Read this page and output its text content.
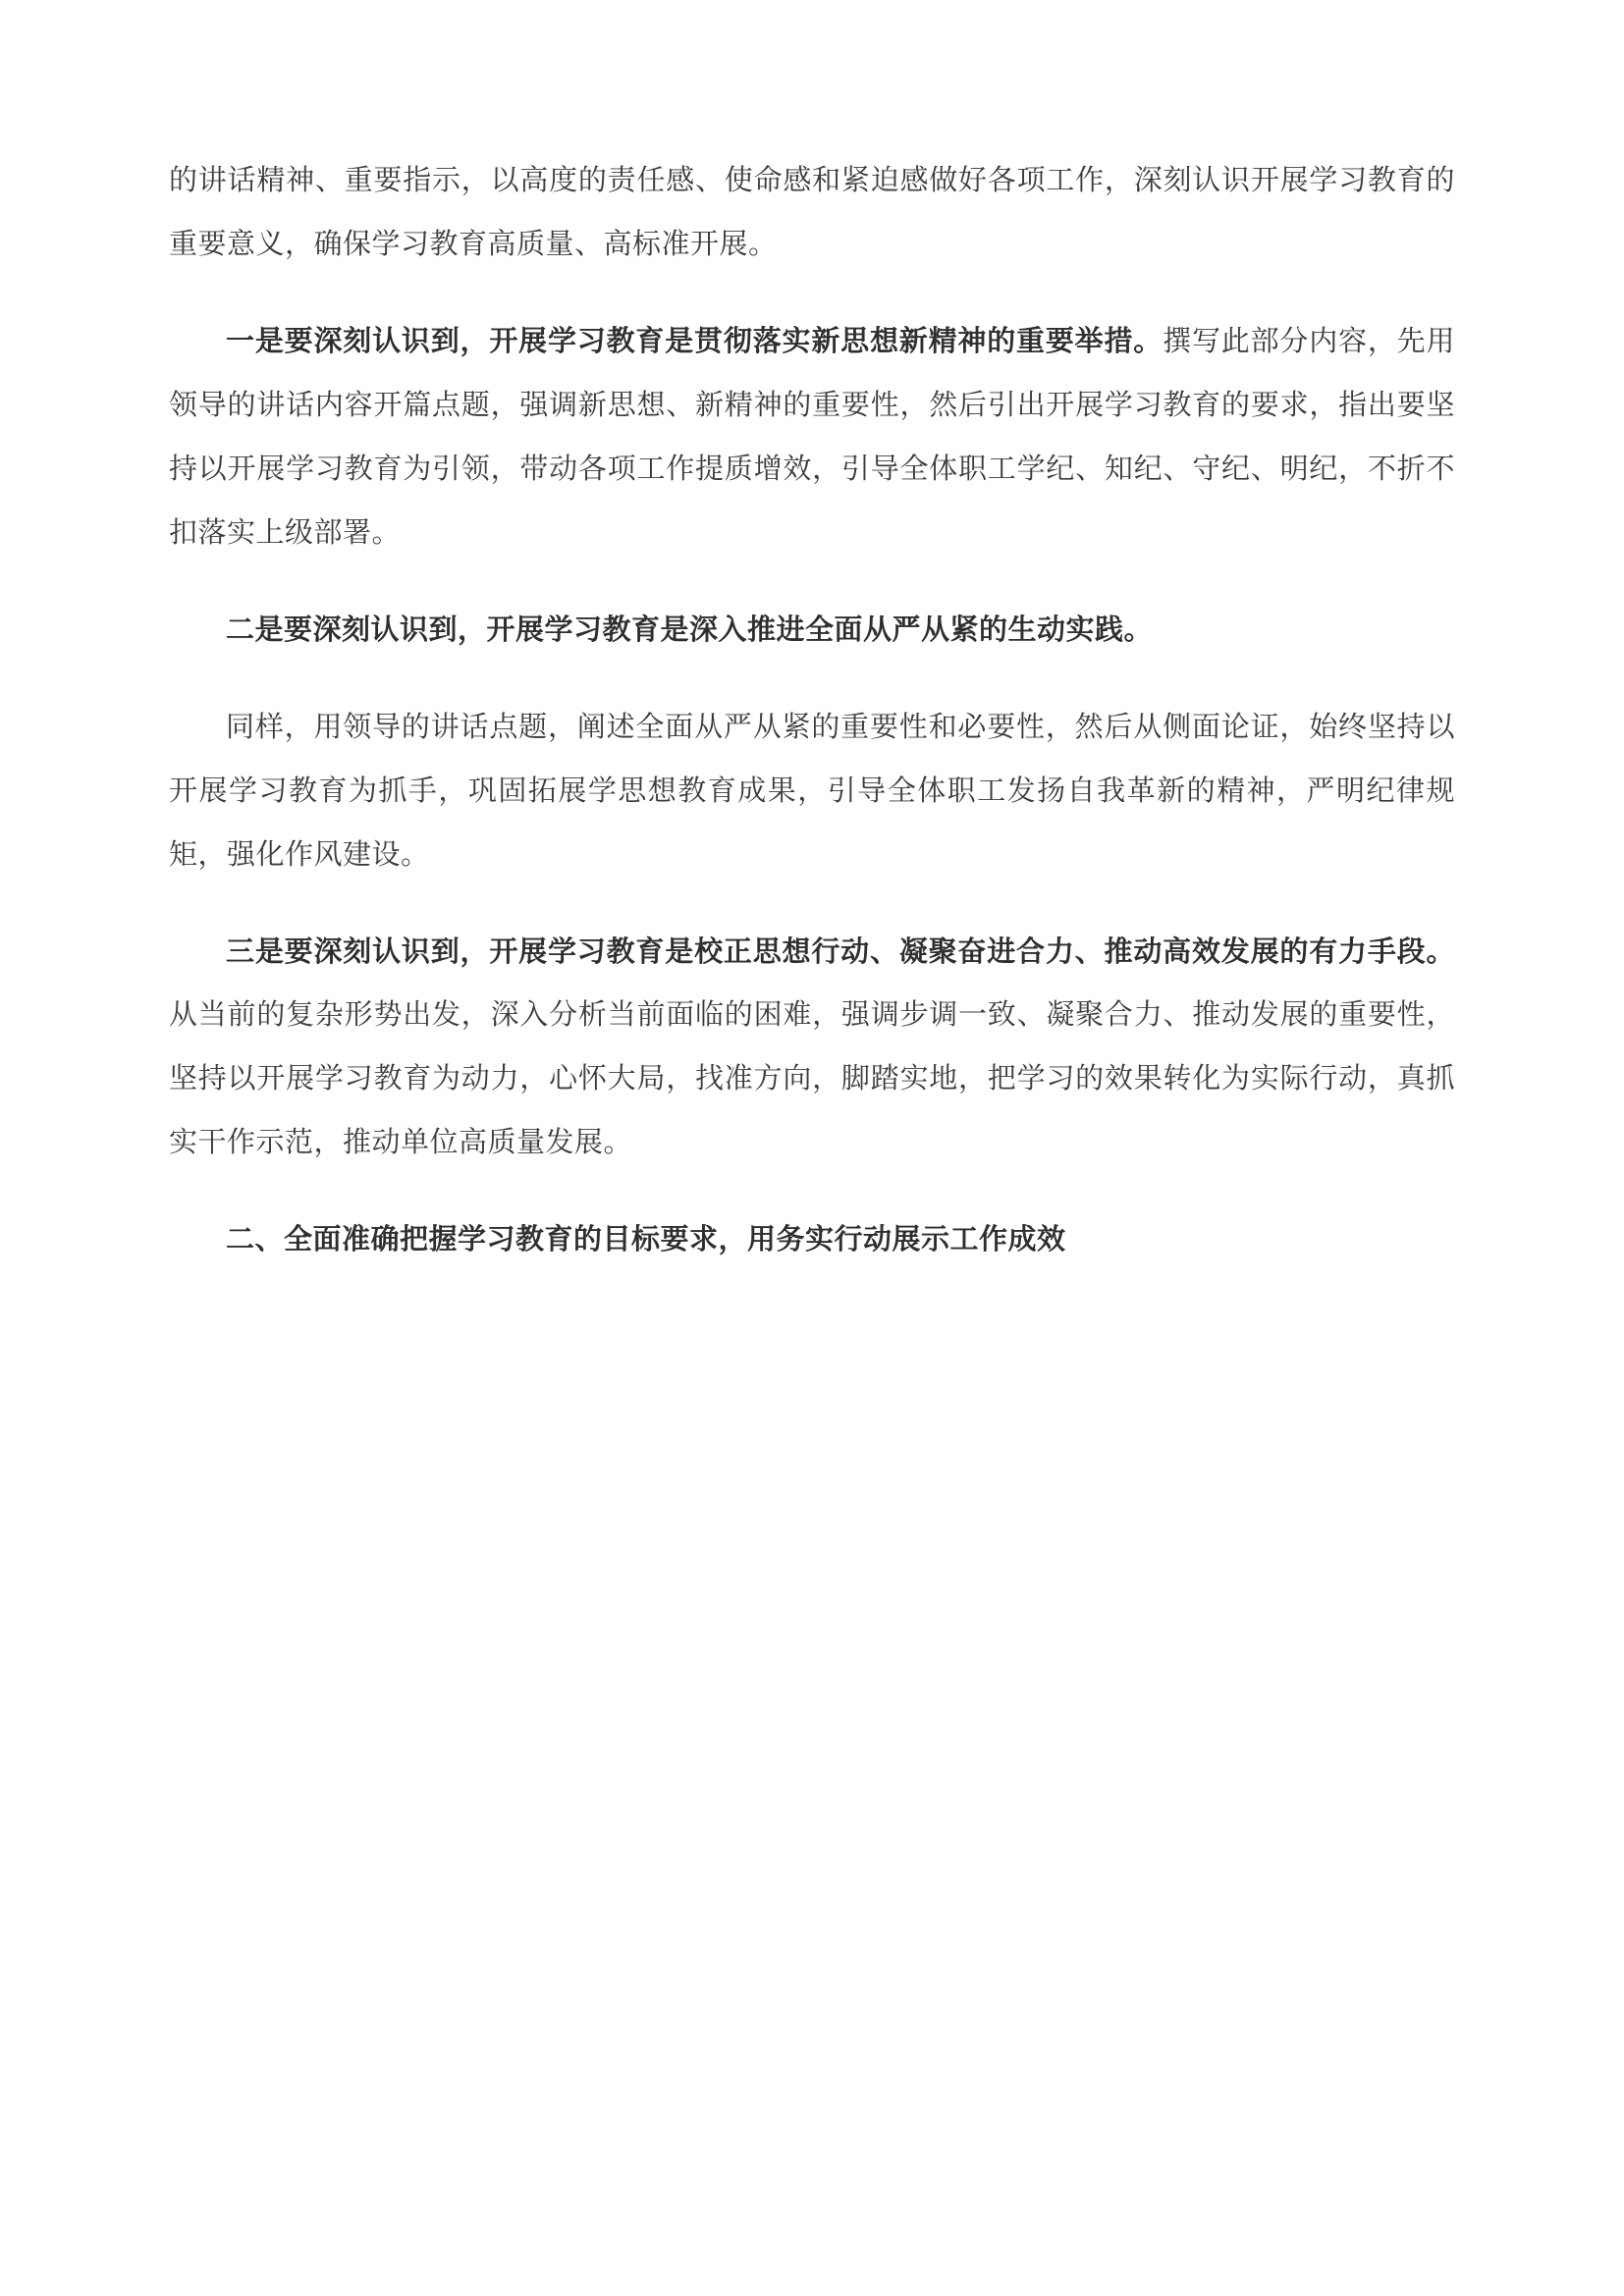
的讲话精神、重要指示，以高度的责任感、使命感和紧迫感做好各项工作，深刻认识开展学习教育的重要意义，确保学习教育高质量、高标准开展。

一是要深刻认识到，开展学习教育是贯彻落实新思想新精神的重要举措。撰写此部分内容，先用领导的讲话内容开篇点题，强调新思想、新精神的重要性，然后引出开展学习教育的要求，指出要坚持以开展学习教育为引领，带动各项工作提质增效，引导全体职工学纪、知纪、守纪、明纪，不折不扣落实上级部署。

二是要深刻认识到，开展学习教育是深入推进全面从严从紧的生动实践。

同样，用领导的讲话点题，阐述全面从严从紧的重要性和必要性，然后从侧面论证，始终坚持以开展学习教育为抓手，巩固拓展学思想教育成果，引导全体职工发扬自我革新的精神，严明纪律规矩，强化作风建设。

三是要深刻认识到，开展学习教育是校正思想行动、凝聚奋进合力、推动高效发展的有力手段。从当前的复杂形势出发，深入分析当前面临的困难，强调步调一致、凝聚合力、推动发展的重要性，坚持以开展学习教育为动力，心怀大局，找准方向，脚踏实地，把学习的效果转化为实际行动，真抓实干作示范，推动单位高质量发展。

二、全面准确把握学习教育的目标要求，用务实行动展示工作成效
